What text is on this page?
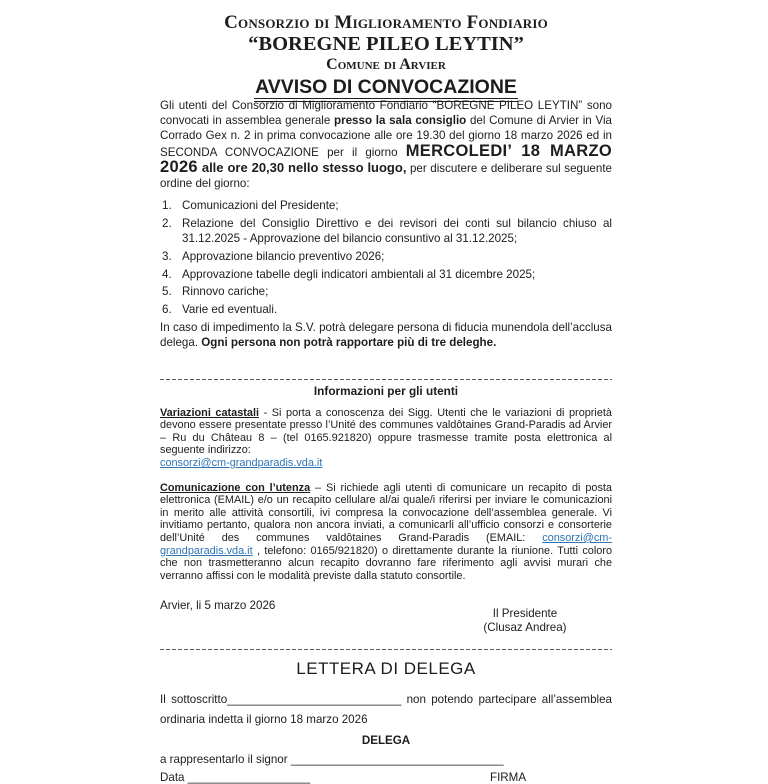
Consorzio di Miglioramento Fondiario
“BOREGNE PILEO LEYTIN”
Comune di Arvier
AVVISO DI CONVOCAZIONE

Gli utenti del Consorzio di Miglioramento Fondiario “BOREGNE PILEO LEYTIN” sono convocati in assemblea generale presso la sala consiglio del Comune di Arvier in Via Corrado Gex n. 2 in prima convocazione alle ore 19.30 del giorno 18 marzo 2026 ed in SECONDA CONVOCAZIONE per il giorno MERCOLEDI’ 18 MARZO 2026 alle ore 20,30 nello stesso luogo, per discutere e deliberare sul seguente ordine del giorno:

1. Comunicazioni del Presidente;
2. Relazione del Consiglio Direttivo e dei revisori dei conti sul bilancio chiuso al 31.12.2025 - Approvazione del bilancio consuntivo al 31.12.2025;
3. Approvazione bilancio preventivo 2026;
4. Approvazione tabelle degli indicatori ambientali al 31 dicembre 2025;
5. Rinnovo cariche;
6. Varie ed eventuali.

In caso di impedimento la S.V. potrà delegare persona di fiducia munendola dell’acclusa delega. Ogni persona non potrà rapportare più di tre deleghe.

Informazioni per gli utenti

Variazioni catastali - Si porta a conoscenza dei Sigg. Utenti che le variazioni di proprietà devono essere presentate presso l’Unité des communes valdôtaines Grand-Paradis ad Arvier – Ru du Château 8 – (tel 0165.921820) oppure trasmesse tramite posta elettronica al seguente indirizzo:
consorzi@cm-grandparadis.vda.it

Comunicazione con l’utenza – Si richiede agli utenti di comunicare un recapito di posta elettronica (EMAIL) e/o un recapito cellulare al/ai quale/i riferirsi per inviare le comunicazioni in merito alle attività consortili, ivi compresa la convocazione dell’assemblea generale. Vi invitiamo pertanto, qualora non ancora inviati, a comunicarli all’ufficio consorzi e consorterie dell’Unité des communes valdôtaines Grand-Paradis (EMAIL: consorzi@cm-grandparadis.vda.it , telefono: 0165/921820) o direttamente durante la riunione. Tutti coloro che non trasmetteranno alcun recapito dovranno fare riferimento agli avvisi murari che verranno affissi con le modalità previste dalla statuto consortile.

Arvier, li 5 marzo 2026
Il Presidente
(Clusaz Andrea)
LETTERA DI DELEGA

Il sottoscritto___________________________ non potendo partecipare all’assemblea ordinaria indetta il giorno 18 marzo 2026

DELEGA

a rappresentarlo il signor _________________________________

Data ___________________	FIRMA
